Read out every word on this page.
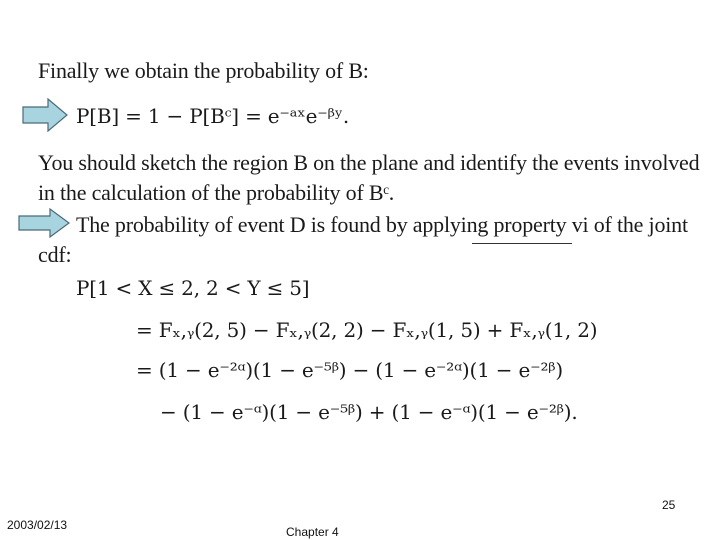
Finally we obtain the probability of B:
P[B] = 1 − P[Bᶜ] = e⁻ᵃˣe⁻ᵝʸ.
You should sketch the region B on the plane and identify the events involved
in the calculation of the probability of Bᶜ.
The probability of event D is found by applying property vi of the joint
cdf:
P[1 < X ≤ 2, 2 < Y ≤ 5]
= Fₓ,ᵧ(2, 5) − Fₓ,ᵧ(2, 2) − Fₓ,ᵧ(1, 5) + Fₓ,ᵧ(1, 2)
= (1 − e⁻²ᵅ)(1 − e⁻⁵ᵝ) − (1 − e⁻²ᵅ)(1 − e⁻²ᵝ)
− (1 − e⁻ᵅ)(1 − e⁻⁵ᵝ) + (1 − e⁻ᵅ)(1 − e⁻²ᵝ).
25
2003/02/13	Chapter 4
